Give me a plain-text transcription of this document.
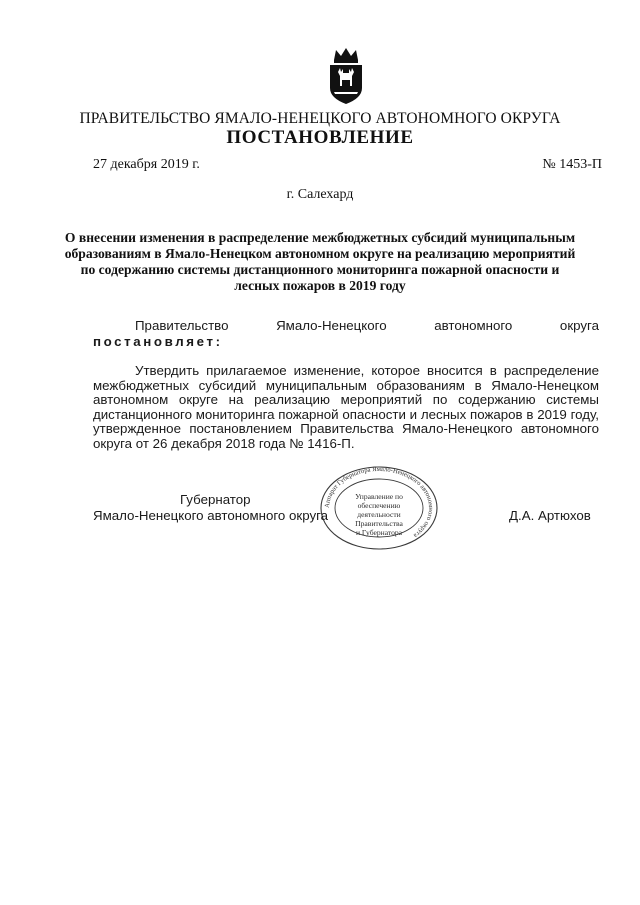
ПРАВИТЕЛЬСТВО ЯМАЛО-НЕНЕЦКОГО АВТОНОМНОГО ОКРУГА
ПОСТАНОВЛЕНИЕ
27 декабря 2019 г.	№ 1453-П
г. Салехард
О внесении изменения в распределение межбюджетных субсидий муниципальным образованиям в Ямало-Ненецком автономном округе на реализацию мероприятий по содержанию системы дистанционного мониторинга пожарной опасности и лесных пожаров в 2019 году
Правительство	Ямало-Ненецкого	автономного	округа
постановляет:
Утвердить прилагаемое изменение, которое вносится в распределение межбюджетных субсидий муниципальным образованиям в Ямало-Ненецком автономном округе на реализацию мероприятий по содержанию системы дистанционного мониторинга пожарной опасности и лесных пожаров в 2019 году, утвержденное постановлением Правительства Ямало-Ненецкого автономного округа от 26 декабря 2018 года № 1416-П.
Аппарат Губернатора Ямало-Ненецкого автономного округа
Управление по
обеспечению
деятельности
Правительства
и Губернатора
Губернатор
Ямало-Ненецкого автономного округа	Д.А. Артюхов
